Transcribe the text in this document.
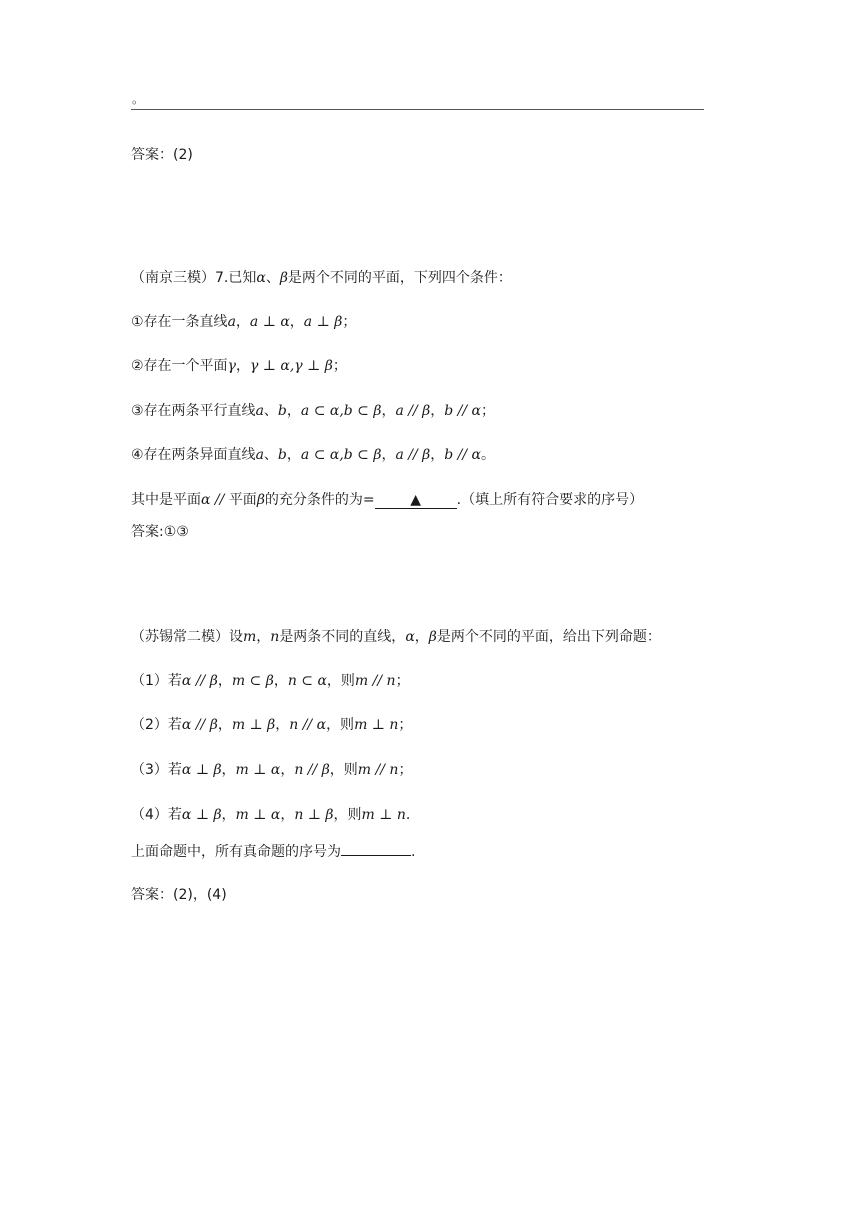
。
答案：(2)
（南京三模）7.已知α、β是两个不同的平面，下列四个条件：
①存在一条直线a，a ⊥ α，a ⊥ β；
②存在一个平面γ，γ ⊥ α,γ ⊥ β；
③存在两条平行直线a、b，a ⊂ α,b ⊂ β，a // β，b // α；
④存在两条异面直线a、b，a ⊂ α,b ⊂ β，a // β，b // α。
其中是平面α // 平面β的充分条件的为=	▲	.（填上所有符合要求的序号）
答案:①③
（苏锡常二模）设m，n是两条不同的直线，α，β是两个不同的平面，给出下列命题：
（1）若α // β，m ⊂ β，n ⊂ α，则m // n；
（2）若α // β，m ⊥ β，n // α，则m ⊥ n；
（3）若α ⊥ β，m ⊥ α，n // β，则m // n；
（4）若α ⊥ β，m ⊥ α，n ⊥ β，则m ⊥ n.
上面命题中，所有真命题的序号为	.
答案：(2)，(4)
